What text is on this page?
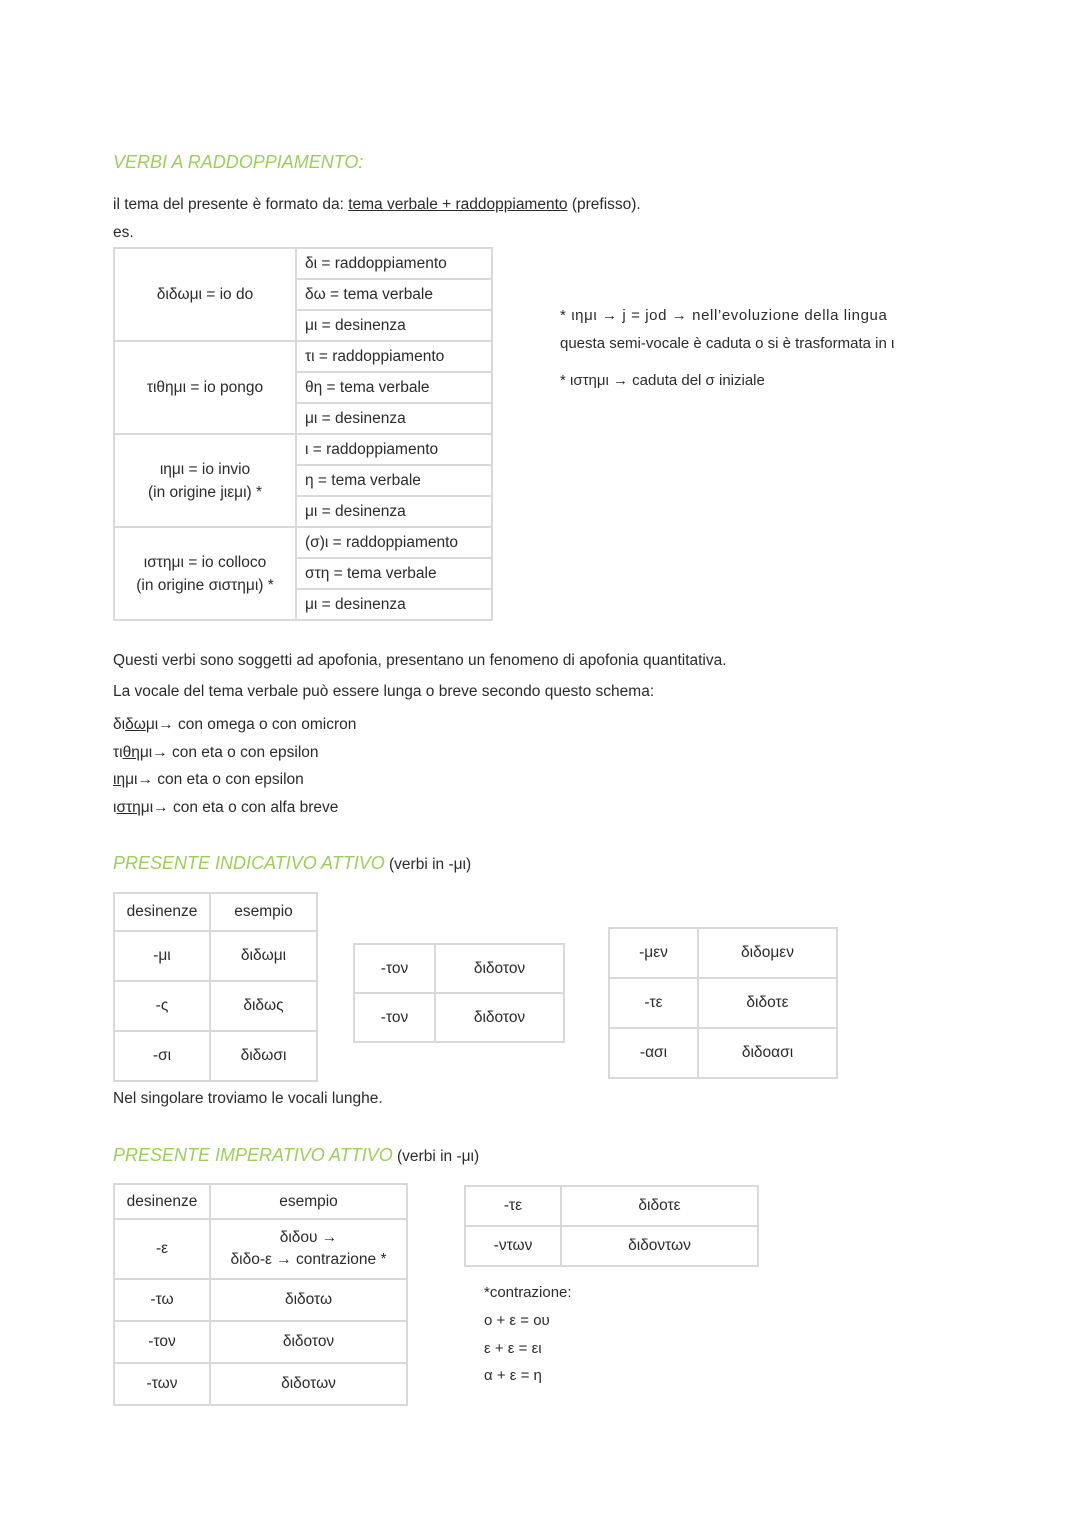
VERBI A RADDOPPIAMENTO:
il tema del presente è formato da: tema verbale + raddoppiamento (prefisso).
es.
διδωμι = io do	δι = raddoppiamento
	δω = tema verbale
	μι = desinenza

τιθημι = io pongo	τι = raddoppiamento
	θη = tema verbale
	μι = desinenza

ιημι = io invio
(in origine jιεμι) *	ι = raddoppiamento
	η = tema verbale
	μι = desinenza

ιστημι = io colloco
(in origine σιστημι) *	(σ)ι = raddoppiamento
	στη = tema verbale
	μι = desinenza
* ιημι → j = jod → nell’evoluzione della lingua
questa semi-vocale è caduta o si è trasformata in ι
* ιστημι → caduta del σ iniziale
Questi verbi sono soggetti ad apofonia, presentano un fenomeno di apofonia quantitativa.
La vocale del tema verbale può essere lunga o breve secondo questo schema:
διδωμι→ con omega o con omicron
τιθημι→ con eta o con epsilon
ιημι→ con eta o con epsilon
ιστημι→ con eta o con alfa breve
PRESENTE INDICATIVO ATTIVO (verbi in -μι)
desinenze	esempio
-μι	διδωμι
-ς	διδως
-σι	διδωσι
-τον	διδοτον
-τον	διδοτον
-μεν	διδομεν
-τε	διδοτε
-ασι	διδοασι
Nel singolare troviamo le vocali lunghe.
PRESENTE IMPERATIVO ATTIVO (verbi in -μι)
desinenze	esempio
-ε	διδου →
διδο-ε → contrazione *

-τω	διδοτω
-τον	διδοτον
-των	διδοτων
-τε	διδοτε
-ντων	διδοντων
*contrazione:
ο + ε = ου
ε + ε = ει
α + ε = η
